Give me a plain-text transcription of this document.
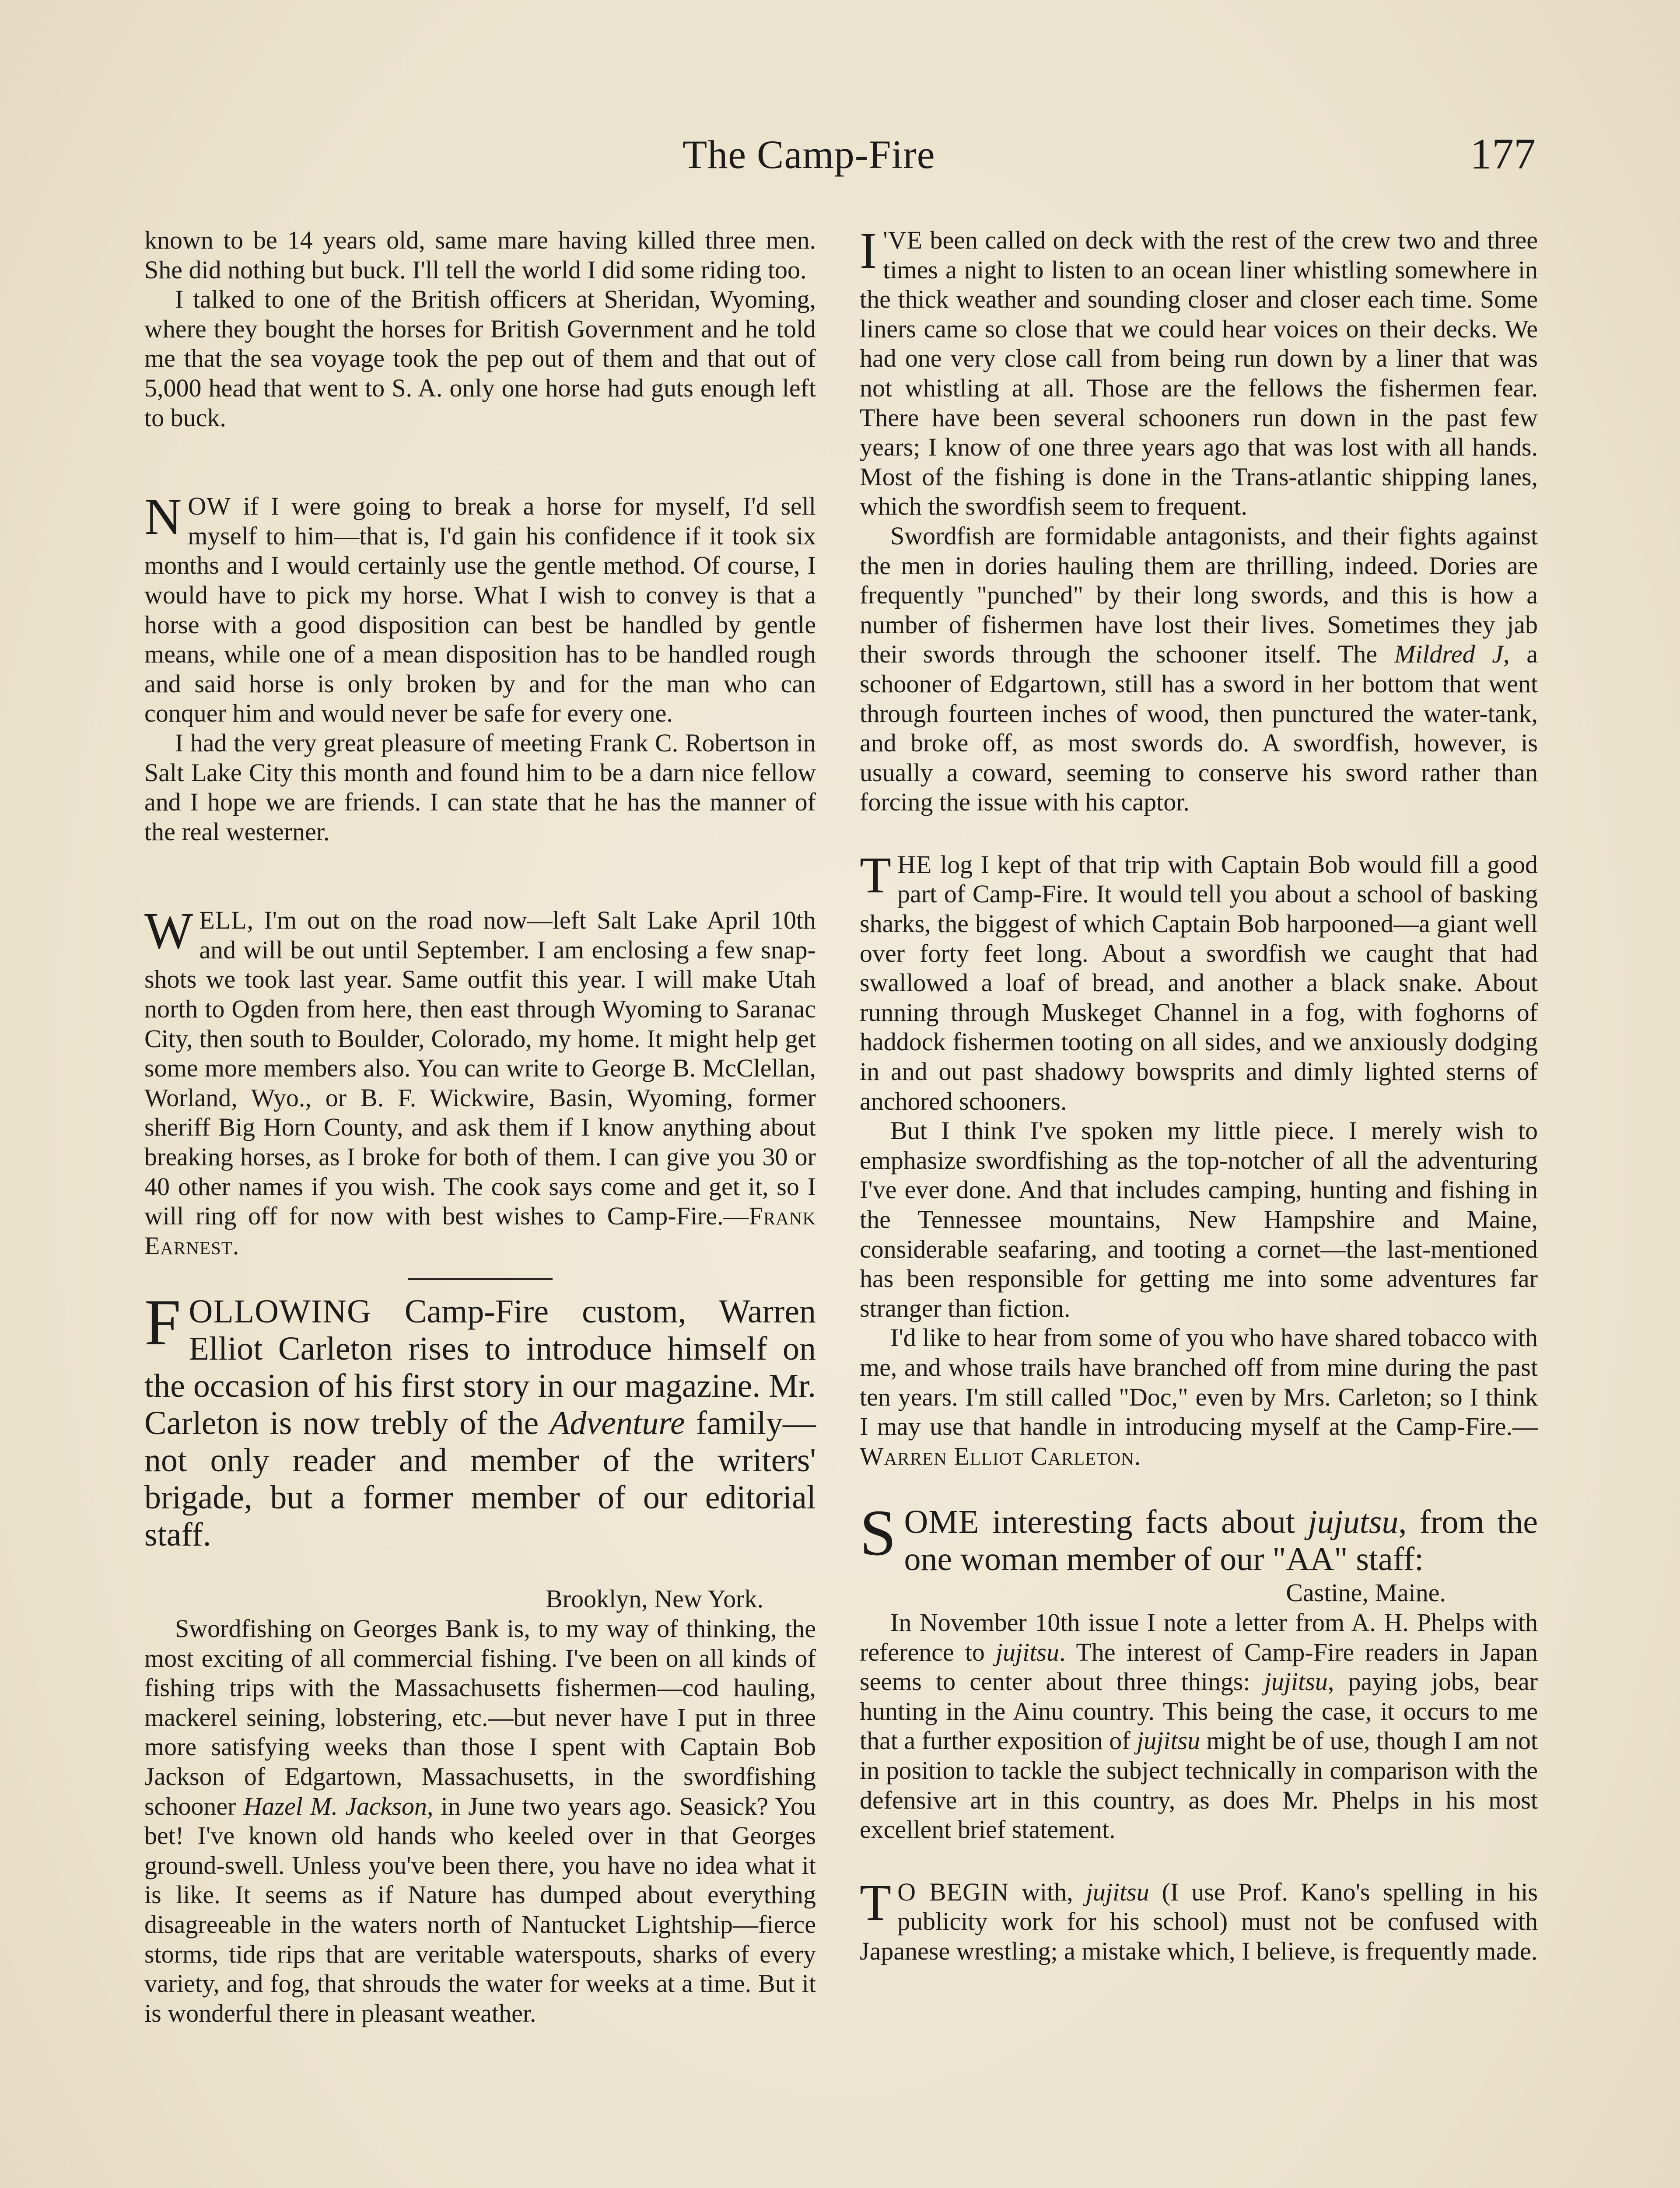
The Camp-Fire	177

known to be 14 years old, same mare having killed three men. She did nothing but buck. I'll tell the world I did some riding too.

I talked to one of the British officers at Sheridan, Wyoming, where they bought the horses for British Government and he told me that the sea voyage took the pep out of them and that out of 5,000 head that went to S. A. only one horse had guts enough left to buck.

NOW if I were going to break a horse for myself, I'd sell myself to him—that is, I'd gain his confidence if it took six months and I would certainly use the gentle method. Of course, I would have to pick my horse. What I wish to convey is that a horse with a good disposition can best be handled by gentle means, while one of a mean disposition has to be handled rough and said horse is only broken by and for the man who can conquer him and would never be safe for every one.

I had the very great pleasure of meeting Frank C. Robertson in Salt Lake City this month and found him to be a darn nice fellow and I hope we are friends. I can state that he has the manner of the real westerner.

WELL, I'm out on the road now—left Salt Lake April 10th and will be out until September. I am enclosing a few snap-shots we took last year. Same outfit this year. I will make Utah north to Ogden from here, then east through Wyoming to Saranac City, then south to Boulder, Colorado, my home. It might help get some more members also. You can write to George B. McClellan, Worland, Wyo., or B. F. Wickwire, Basin, Wyoming, former sheriff Big Horn County, and ask them if I know anything about breaking horses, as I broke for both of them. I can give you 30 or 40 other names if you wish. The cook says come and get it, so I will ring off for now with best wishes to Camp-Fire.—Frank Earnest.

FOLLOWING Camp-Fire custom, Warren Elliot Carleton rises to introduce himself on the occasion of his first story in our magazine. Mr. Carleton is now trebly of the Adventure family—not only reader and member of the writers' brigade, but a former member of our editorial staff.

Brooklyn, New York.

Swordfishing on Georges Bank is, to my way of thinking, the most exciting of all commercial fishing. I've been on all kinds of fishing trips with the Massachusetts fishermen—cod hauling, mackerel seining, lobstering, etc.—but never have I put in three more satisfying weeks than those I spent with Captain Bob Jackson of Edgartown, Massachusetts, in the swordfishing schooner Hazel M. Jackson, in June two years ago. Seasick? You bet! I've known old hands who keeled over in that Georges ground-swell. Unless you've been there, you have no idea what it is like. It seems as if Nature has dumped about everything disagreeable in the waters north of Nantucket Lightship—fierce storms, tide rips that are veritable waterspouts, sharks of every variety, and fog, that shrouds the water for weeks at a time. But it is wonderful there in pleasant weather.

I 'VE been called on deck with the rest of the crew two and three times a night to listen to an ocean liner whistling somewhere in the thick weather and sounding closer and closer each time. Some liners came so close that we could hear voices on their decks. We had one very close call from being run down by a liner that was not whistling at all. Those are the fellows the fishermen fear. There have been several schooners run down in the past few years; I know of one three years ago that was lost with all hands. Most of the fishing is done in the Trans-atlantic shipping lanes, which the swordfish seem to frequent.

Swordfish are formidable antagonists, and their fights against the men in dories hauling them are thrilling, indeed. Dories are frequently "punched" by their long swords, and this is how a number of fishermen have lost their lives. Sometimes they jab their swords through the schooner itself. The Mildred J, a schooner of Edgartown, still has a sword in her bottom that went through fourteen inches of wood, then punctured the water-tank, and broke off, as most swords do. A swordfish, however, is usually a coward, seeming to conserve his sword rather than forcing the issue with his captor.

THE log I kept of that trip with Captain Bob would fill a good part of Camp-Fire. It would tell you about a school of basking sharks, the biggest of which Captain Bob harpooned—a giant well over forty feet long. About a swordfish we caught that had swallowed a loaf of bread, and another a black snake. About running through Muskeget Channel in a fog, with foghorns of haddock fishermen tooting on all sides, and we anxiously dodging in and out past shadowy bowsprits and dimly lighted sterns of anchored schooners.

But I think I've spoken my little piece. I merely wish to emphasize swordfishing as the top-notcher of all the adventuring I've ever done. And that includes camping, hunting and fishing in the Tennessee mountains, New Hampshire and Maine, considerable seafaring, and tooting a cornet—the last-mentioned has been responsible for getting me into some adventures far stranger than fiction.

I'd like to hear from some of you who have shared tobacco with me, and whose trails have branched off from mine during the past ten years. I'm still called "Doc," even by Mrs. Carleton; so I think I may use that handle in introducing myself at the Camp-Fire.—Warren Elliot Carleton.

SOME interesting facts about jujutsu, from the one woman member of our "AA" staff:

Castine, Maine.

In November 10th issue I note a letter from A. H. Phelps with reference to jujitsu. The interest of Camp-Fire readers in Japan seems to center about three things: jujitsu, paying jobs, bear hunting in the Ainu country. This being the case, it occurs to me that a further exposition of jujitsu might be of use, though I am not in position to tackle the subject technically in comparison with the defensive art in this country, as does Mr. Phelps in his most excellent brief statement.

T O BEGIN with, jujitsu (I use Prof. Kano's spelling in his publicity work for his school) must not be confused with Japanese wrestling; a mistake which, I believe, is frequently made.
